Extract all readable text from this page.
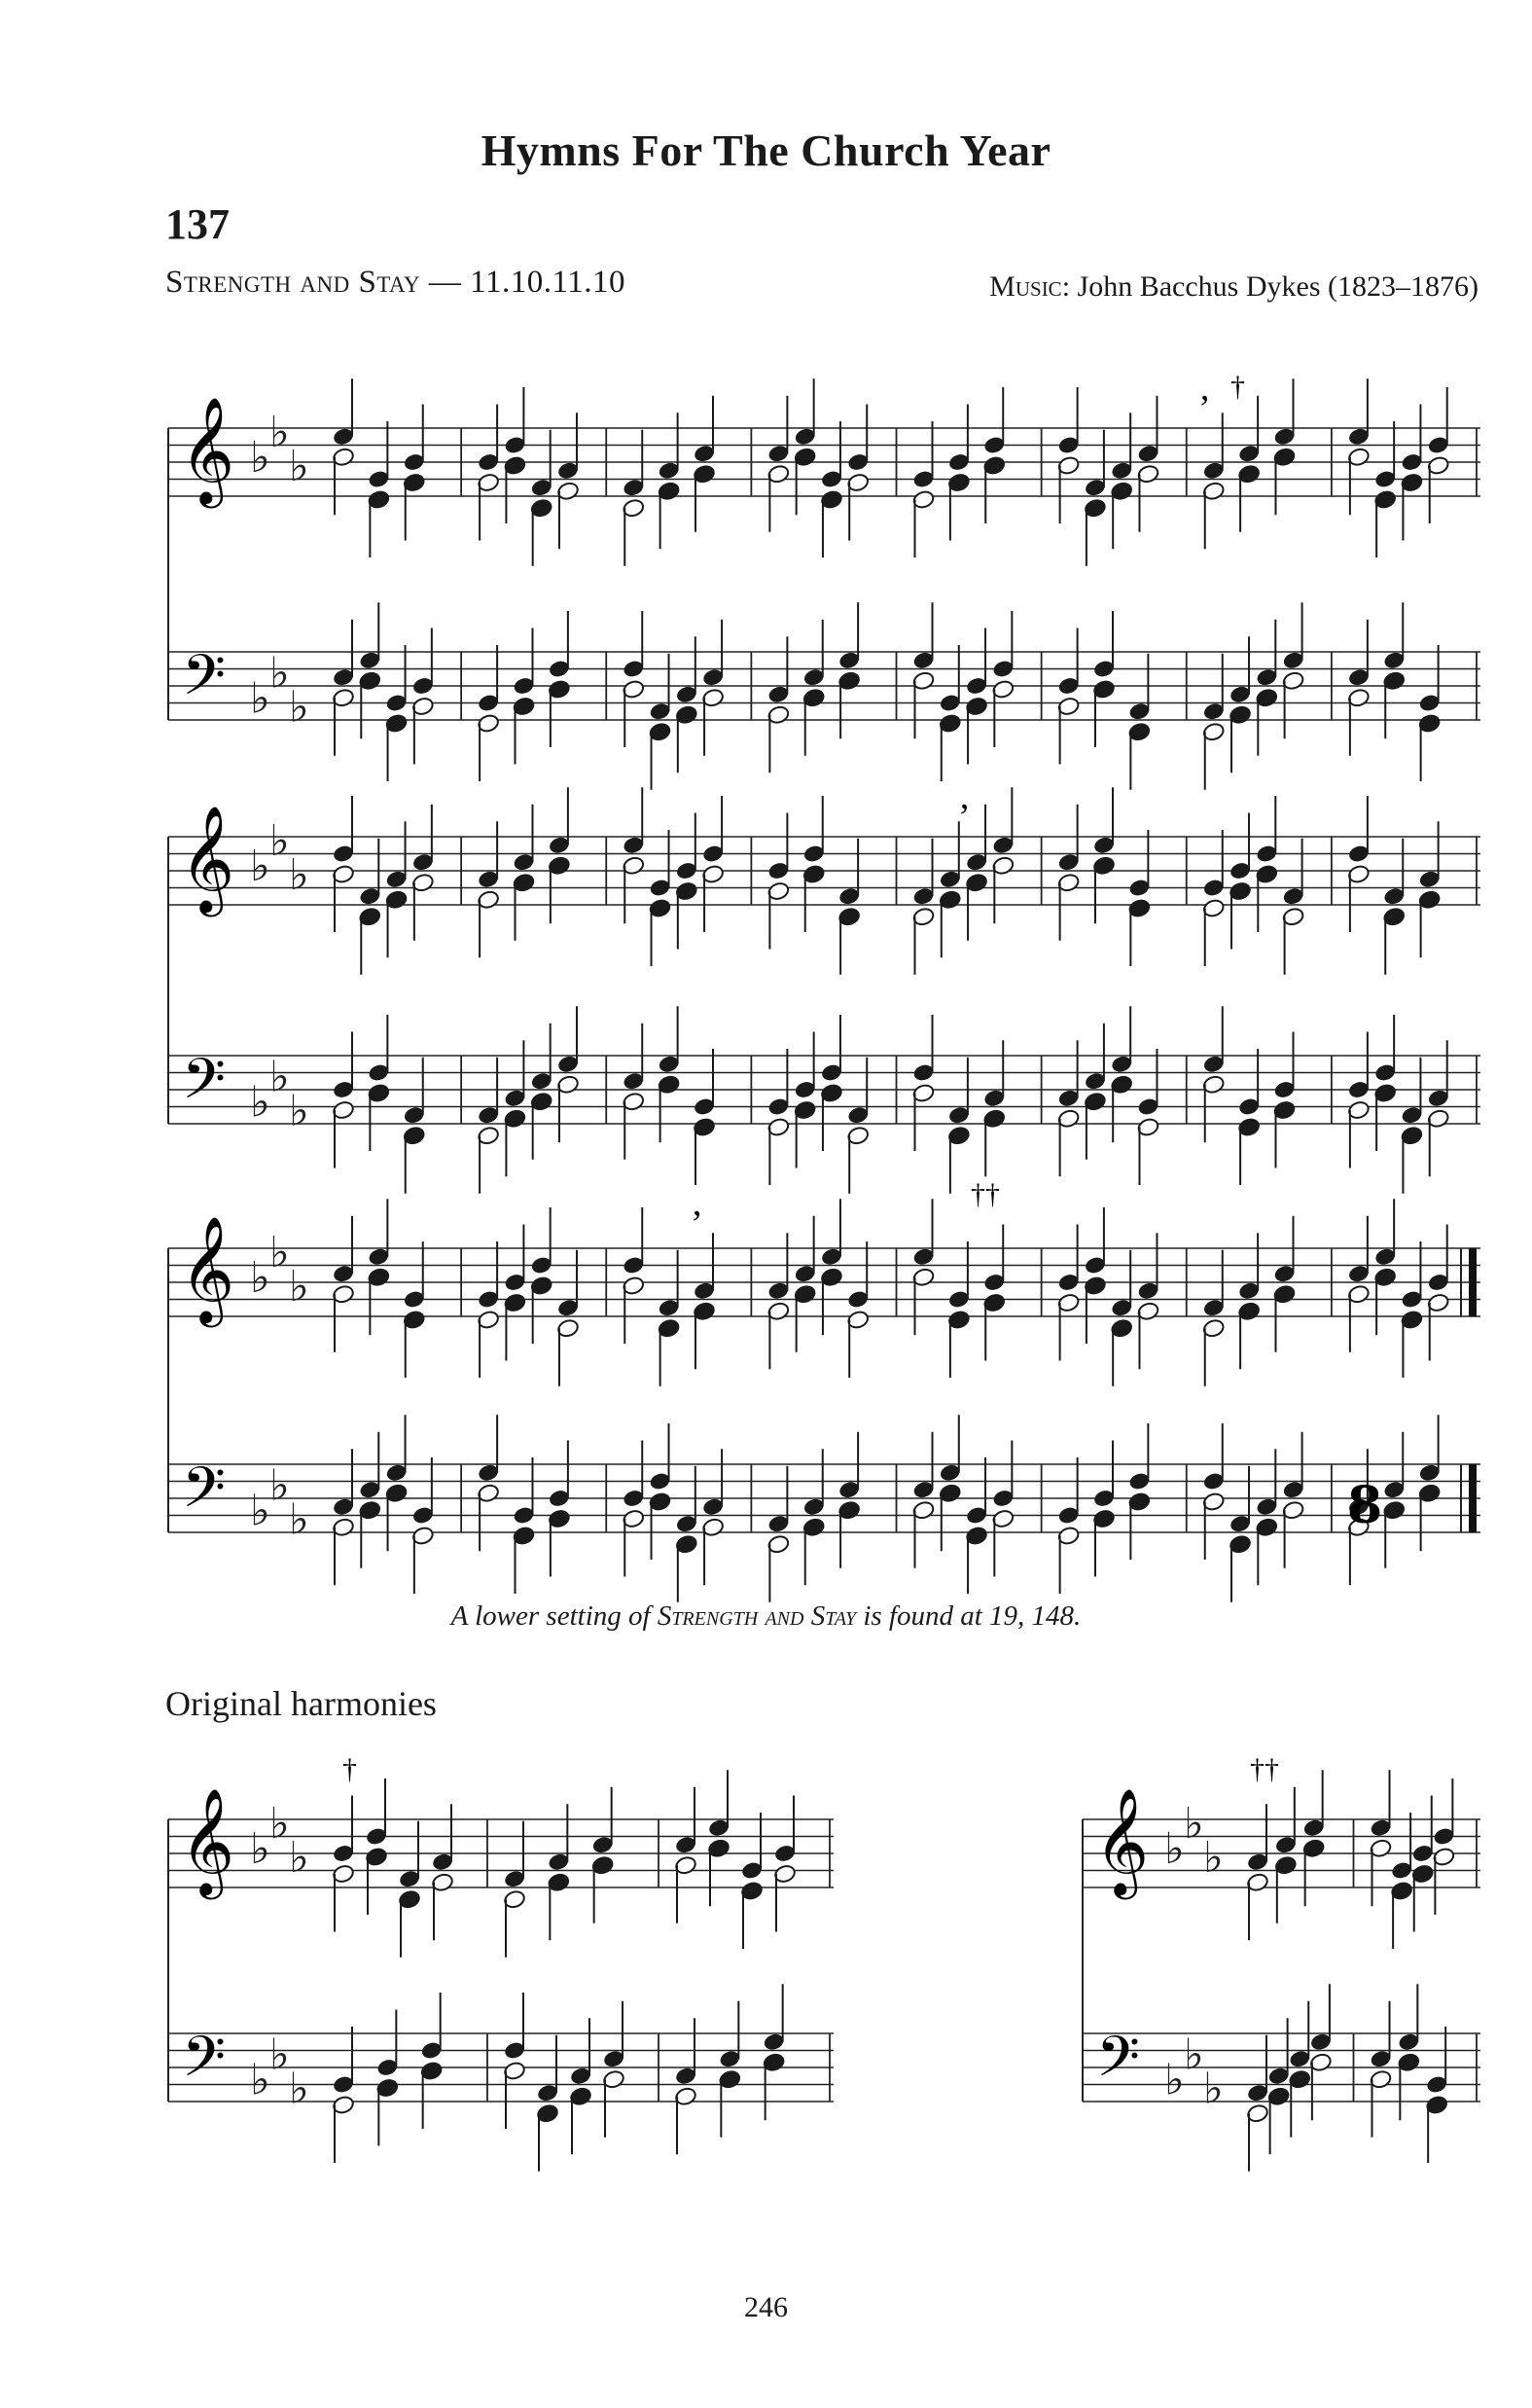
Hymns For The Church Year
137
Strength and Stay — 11.10.11.10	Music: John Bacchus Dykes (1823–1876)
♭
♭
♭
♭
♭
♭
𝄞
𝄢
’
†
♭
♭
♭
♭
♭
♭
𝄞
𝄢
’
♭
♭
♭
♭
♭
♭
𝄞
𝄢
’
††
8
A lower setting of Strength and Stay is found at 19, 148.
Original harmonies
♭
♭
♭
♭
♭
♭
𝄞
𝄢
†
♭
♭
♭
♭
♭
♭
𝄞
𝄢
††
246
